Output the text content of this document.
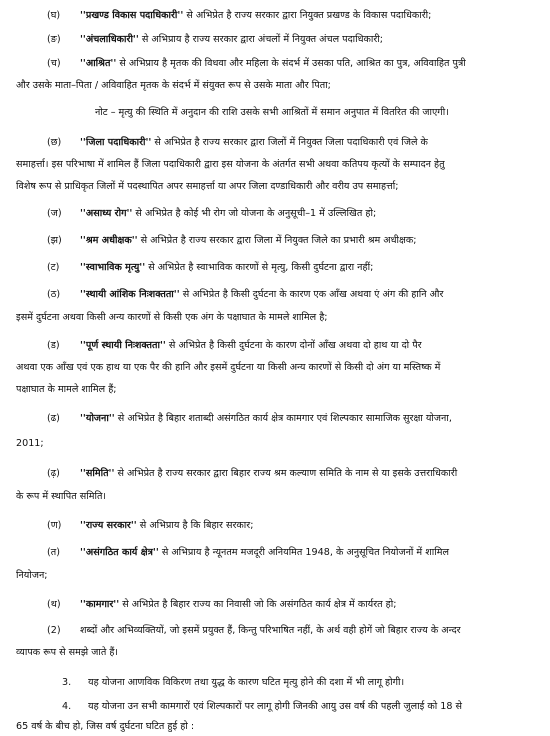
(घ) ''प्रखण्ड विकास पदाधिकारी'' से अभिप्रेत है राज्य सरकार द्वारा नियुक्त प्रखण्ड के विकास पदाधिकारी;
(ङ) ''अंचलाधिकारी'' से अभिप्राय है राज्य सरकार द्वारा अंचलों में नियुक्त अंचल पदाधिकारी;
(च) ''आश्रित'' से अभिप्राय है मृतक की विधवा और महिला के संदर्भ में उसका पति, आश्रित का पुत्र, अविवाहित पुत्री
और उसके माता–पिता / अविवाहित मृतक के संदर्भ में संयुक्त रूप से उसके माता और पिता;
नोट – मृत्यु की स्थिति में अनुदान की राशि उसके सभी आश्रितों में समान अनुपात में वितरित की जाएगी।
(छ) ''जिला पदाधिकारी'' से अभिप्रेत है राज्य सरकार द्वारा जिलों में नियुक्त जिला पदाधिकारी एवं जिले के
समाहर्त्ता। इस परिभाषा में शामिल हैं जिला पदाधिकारी द्वारा इस योजना के अंतर्गत सभी अथवा कतिपय कृत्यों के सम्पादन हेतु
विशेष रूप से प्राधिकृत जिलों में पदस्थापित अपर समाहर्त्ता या अपर जिला दण्डाधिकारी और वरीय उप समाहर्त्ता;
(ज) ''असाध्य रोग'' से अभिप्रेत है कोई भी रोग जो योजना के अनुसूची–1 में उल्लिखित हो;
(झ) ''श्रम अधीक्षक'' से अभिप्रेत है राज्य सरकार द्वारा जिला में नियुक्त जिले का प्रभारी श्रम अधीक्षक;
(ट) ''स्वाभाविक मृत्यु'' से अभिप्रेत है स्वाभाविक कारणों से मृत्यु, किसी दुर्घटना द्वारा नहीं;
(ठ) ''स्थायी आंशिक निःशक्तता'' से अभिप्रेत है किसी दुर्घटना के कारण एक आँख अथवा एं अंग की हानि और
इसमें दुर्घटना अथवा किसी अन्य कारणों से किसी एक अंग के पक्षाघात के मामले शामिल है;
(ड) ''पूर्ण स्थायी निःशक्तता'' से अभिप्रेत है किसी दुर्घटना के कारण दोनों आँख अथवा दो हाथ या दो पैर
अथवा एक आँख एवं एक हाथ या एक पैर की हानि और इसमें दुर्घटना या किसी अन्य कारणों से किसी दो अंग या मस्तिष्क में
पक्षाघात के मामले शामिल हैं;
(ढ) ''योजना'' से अभिप्रेत है बिहार शताब्दी असंगठित कार्य क्षेत्र कामगार एवं शिल्पकार सामाजिक सुरक्षा योजना,
2011;
(ढ़) ''समिति'' से अभिप्रेत है राज्य सरकार द्वारा बिहार राज्य श्रम कल्याण समिति के नाम से या इसके उत्तराधिकारी
के रूप में स्थापित समिति।
(ण) ''राज्य सरकार'' से अभिप्राय है कि बिहार सरकार;
(त) ''असंगठित कार्य क्षेत्र'' से अभिप्राय है न्यूनतम मजदूरी अनियमित 1948, के अनुसूचित नियोजनों में शामिल
नियोजन;
(थ) ''कामगार'' से अभिप्रेत है बिहार राज्य का निवासी जो कि असंगठित कार्य क्षेत्र में कार्यरत हो;
(2) शब्दों और अभिव्यक्तियों, जो इसमें प्रयुक्त हैं, किन्तु परिभाषित नहीं, के अर्थ वही होगें जो बिहार राज्य के अन्दर
व्यापक रूप से समझे जाते हैं।
3. यह योजना आणविक विकिरण तथा युद्ध के कारण घटित मृत्यु होने की दशा में भी लागू होगी।
4. यह योजना उन सभी कामगारों एवं शिल्पकारों पर लागू होगी जिनकी आयु उस वर्ष की पहली जुलाई को 18 से
65 वर्ष के बीच हो, जिस वर्ष दुर्घटना घटित हुई हो :
